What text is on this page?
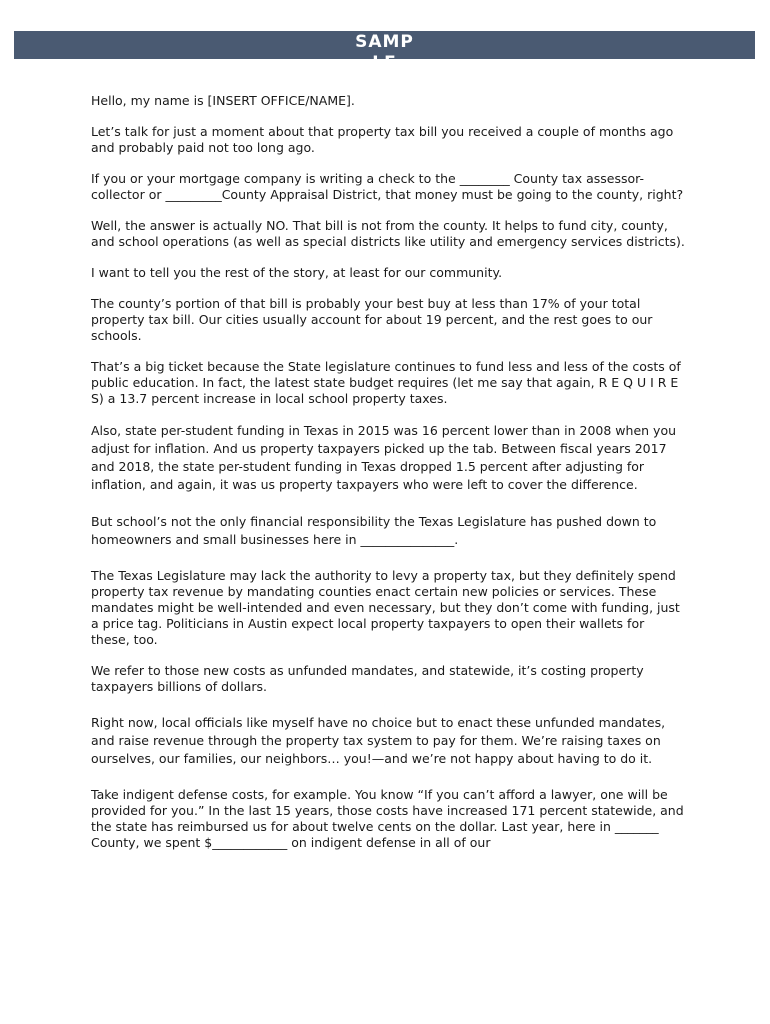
SAMPLE

Hello, my name is [INSERT OFFICE/NAME].

Let’s talk for just a moment about that property tax bill you received a couple of months ago and probably paid not too long ago.

If you or your mortgage company is writing a check to the ________ County tax assessor-collector or _________County Appraisal District, that money must be going to the county, right?

Well, the answer is actually NO. That bill is not from the county. It helps to fund city, county, and school operations (as well as special districts like utility and emergency services districts).

I want to tell you the rest of the story, at least for our community.

The county’s portion of that bill is probably your best buy at less than 17% of your total property tax bill. Our cities usually account for about 19 percent, and the rest goes to our schools.

That’s a big ticket because the State legislature continues to fund less and less of the costs of public education. In fact, the latest state budget requires (let me say that again, R E Q U I R E S) a 13.7 percent increase in local school property taxes.

Also, state per-student funding in Texas in 2015 was 16 percent lower than in 2008 when you adjust for inflation. And us property taxpayers picked up the tab. Between fiscal years 2017 and 2018, the state per-student funding in Texas dropped 1.5 percent after adjusting for inflation, and again, it was us property taxpayers who were left to cover the difference.

But school’s not the only financial responsibility the Texas Legislature has pushed down to homeowners and small businesses here in _______________.

The Texas Legislature may lack the authority to levy a property tax, but they definitely spend property tax revenue by mandating counties enact certain new policies or services. These mandates might be well-intended and even necessary, but they don’t come with funding, just a price tag. Politicians in Austin expect local property taxpayers to open their wallets for these, too.

We refer to those new costs as unfunded mandates, and statewide, it’s costing property taxpayers billions of dollars.

Right now, local officials like myself have no choice but to enact these unfunded mandates, and raise revenue through the property tax system to pay for them. We’re raising taxes on ourselves, our families, our neighbors… you!—and we’re not happy about having to do it.

Take indigent defense costs, for example. You know “If you can’t afford a lawyer, one will be provided for you.” In the last 15 years, those costs have increased 171 percent statewide, and the state has reimbursed us for about twelve cents on the dollar. Last year, here in _______ County, we spent $____________ on indigent defense in all of our
